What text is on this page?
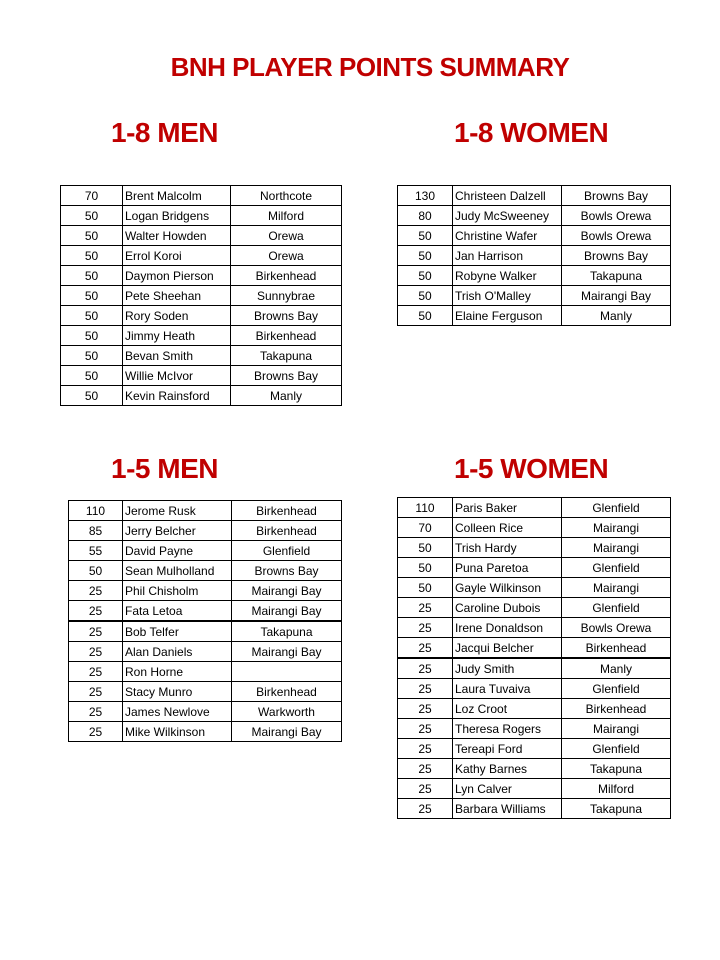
BNH PLAYER POINTS SUMMARY
1-8 MEN	1-8 WOMEN
1-5 MEN	1-5 WOMEN
70	Brent Malcolm	Northcote
50	Logan Bridgens	Milford
50	Walter Howden	Orewa
50	Errol Koroi	Orewa
50	Daymon Pierson	Birkenhead
50	Pete Sheehan	Sunnybrae
50	Rory Soden	Browns Bay
50	Jimmy Heath	Birkenhead
50	Bevan Smith	Takapuna
50	Willie McIvor	Browns Bay
50	Kevin Rainsford	Manly
130	Christeen Dalzell	Browns Bay
80	Judy McSweeney	Bowls Orewa
50	Christine Wafer	Bowls Orewa
50	Jan Harrison	Browns Bay
50	Robyne Walker	Takapuna
50	Trish O'Malley	Mairangi Bay
50	Elaine Ferguson	Manly
110	Jerome Rusk	Birkenhead
85	Jerry Belcher	Birkenhead
55	David Payne	Glenfield
50	Sean Mulholland	Browns Bay
25	Phil Chisholm	Mairangi Bay
25	Fata Letoa	Mairangi Bay
25	Bob Telfer	Takapuna
25	Alan Daniels	Mairangi Bay
25	Ron Horne	
25	Stacy Munro	Birkenhead
25	James Newlove	Warkworth
25	Mike Wilkinson	Mairangi Bay
110	Paris Baker	Glenfield
70	Colleen Rice	Mairangi
50	Trish Hardy	Mairangi
50	Puna Paretoa	Glenfield
50	Gayle Wilkinson	Mairangi
25	Caroline Dubois	Glenfield
25	Irene Donaldson	Bowls Orewa
25	Jacqui Belcher	Birkenhead
25	Judy Smith	Manly
25	Laura Tuvaiva	Glenfield
25	Loz Croot	Birkenhead
25	Theresa Rogers	Mairangi
25	Tereapi Ford	Glenfield
25	Kathy Barnes	Takapuna
25	Lyn Calver	Milford
25	Barbara Williams	Takapuna
